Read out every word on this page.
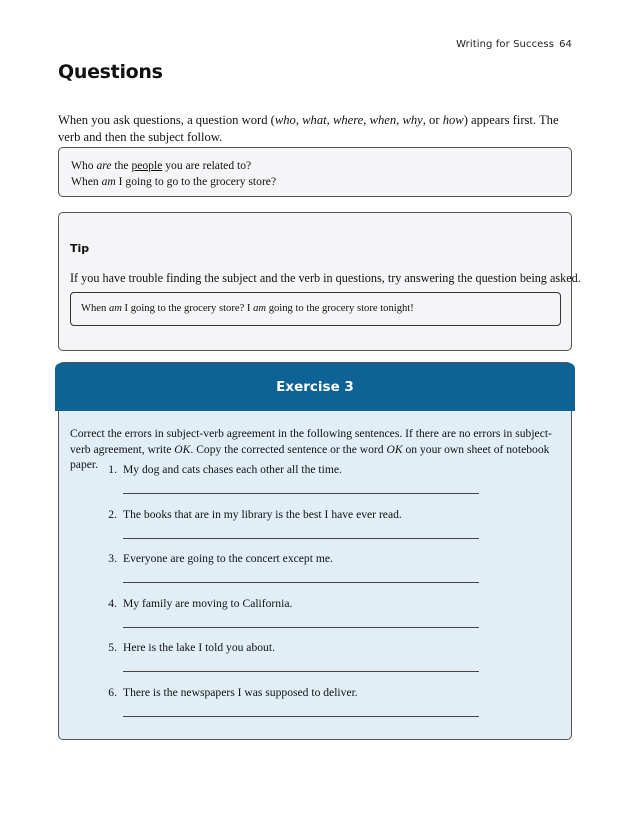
Writing for Success 64
Questions

When you ask questions, a question word (who, what, where, when, why, or how) appears first. The verb and then the subject follow.

Who are the people you are related to?
When am I going to go to the grocery store?
Tip
If you have trouble finding the subject and the verb in questions, try answering the question being asked.
When am I going to the grocery store? I am going to the grocery store tonight!
Exercise 3

Correct the errors in subject-verb agreement in the following sentences. If there are no errors in subject-verb agreement, write OK. Copy the corrected sentence or the word OK on your own sheet of notebook paper. 1. My dog and cats chases each other all the time.
2. The books that are in my library is the best I have ever read.
3. Everyone are going to the concert except me.
4. My family are moving to California.
5. Here is the lake I told you about.
6. There is the newspapers I was supposed to deliver.
